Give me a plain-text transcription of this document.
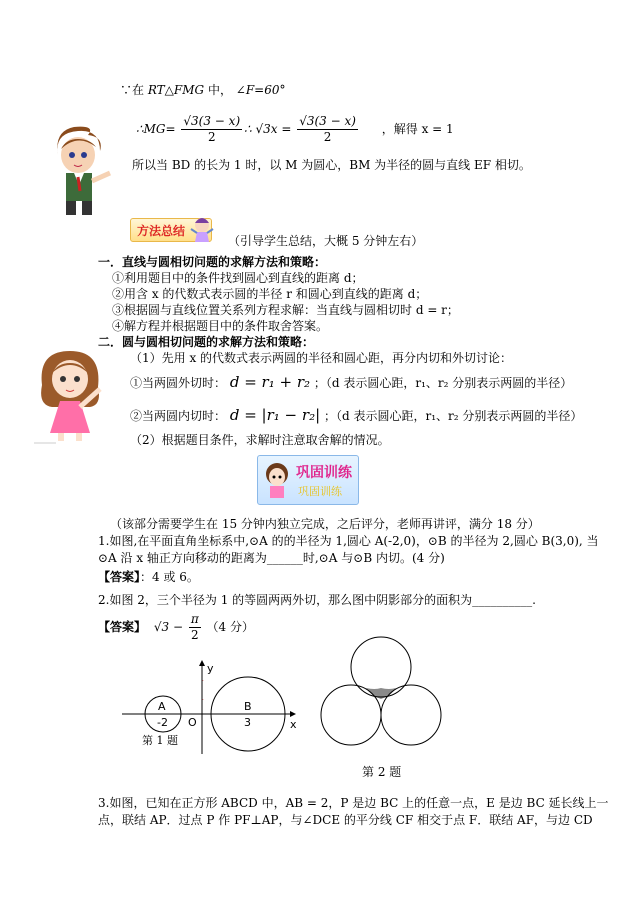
∵在 RT△FMG 中， ∠F=60°
∴MG= $\frac{√3(3 - x)}{2}$ ∴ $√3x = \frac{√3(3 - x)}{2}$ ，解得 x = 1
所以当 BD 的长为 1 时，以 M 为圆心，BM 为半径的圆与直线 EF 相切。
方法总结
（引导学生总结，大概 5 分钟左右）
一．直线与圆相切问题的求解方法和策略：
①利用题目中的条件找到圆心到直线的距离 d；
②用含 x 的代数式表示圆的半径 r 和圆心到直线的距离 d；
③根据圆与直线位置关系列方程求解：当直线与圆相切时 d = r；
④解方程并根据题目中的条件取舍答案。
二．圆与圆相切问题的求解方法和策略：
（1）先用 x 的代数式表示两圆的半径和圆心距，再分内切和外切讨论：
①当两圆外切时： d = r₁ + r₂ ；（d 表示圆心距，r₁、r₂ 分别表示两圆的半径）
②当两圆内切时： d = |r₁ − r₂| ；（d 表示圆心距，r₁、r₂ 分别表示两圆的半径）
（2）根据题目条件，求解时注意取舍解的情况。
巩固训练
巩固训练
（该部分需要学生在 15 分钟内独立完成，之后评分，老师再讲评，满分 18 分）
1.如图,在平面直角坐标系中,⊙A 的的半径为 1,圆心 A(-2,0)，⊙B 的半径为 2,圆心 B(3,0), 当
⊙A 沿 x 轴正方向移动的距离为______时,⊙A 与⊙B 内切。(4 分)
【答案】：4 或 6。
2.如图 2，三个半径为 1 的等圆两两外切，那么图中阴影部分的面积为__________.
【答案】 $√3 - \frac{\pi}{2} (4$ 分）
·
·
y
x
A	B
-2 O	3
第 1 题
第 2 题
3.如图，已知在正方形 ABCD 中，AB = 2，P 是边 BC 上的任意一点，E 是边 BC 延长线上一
点，联结 AP．过点 P 作 PF⊥AP，与∠DCE 的平分线 CF 相交于点 F．联结 AF，与边 CD
